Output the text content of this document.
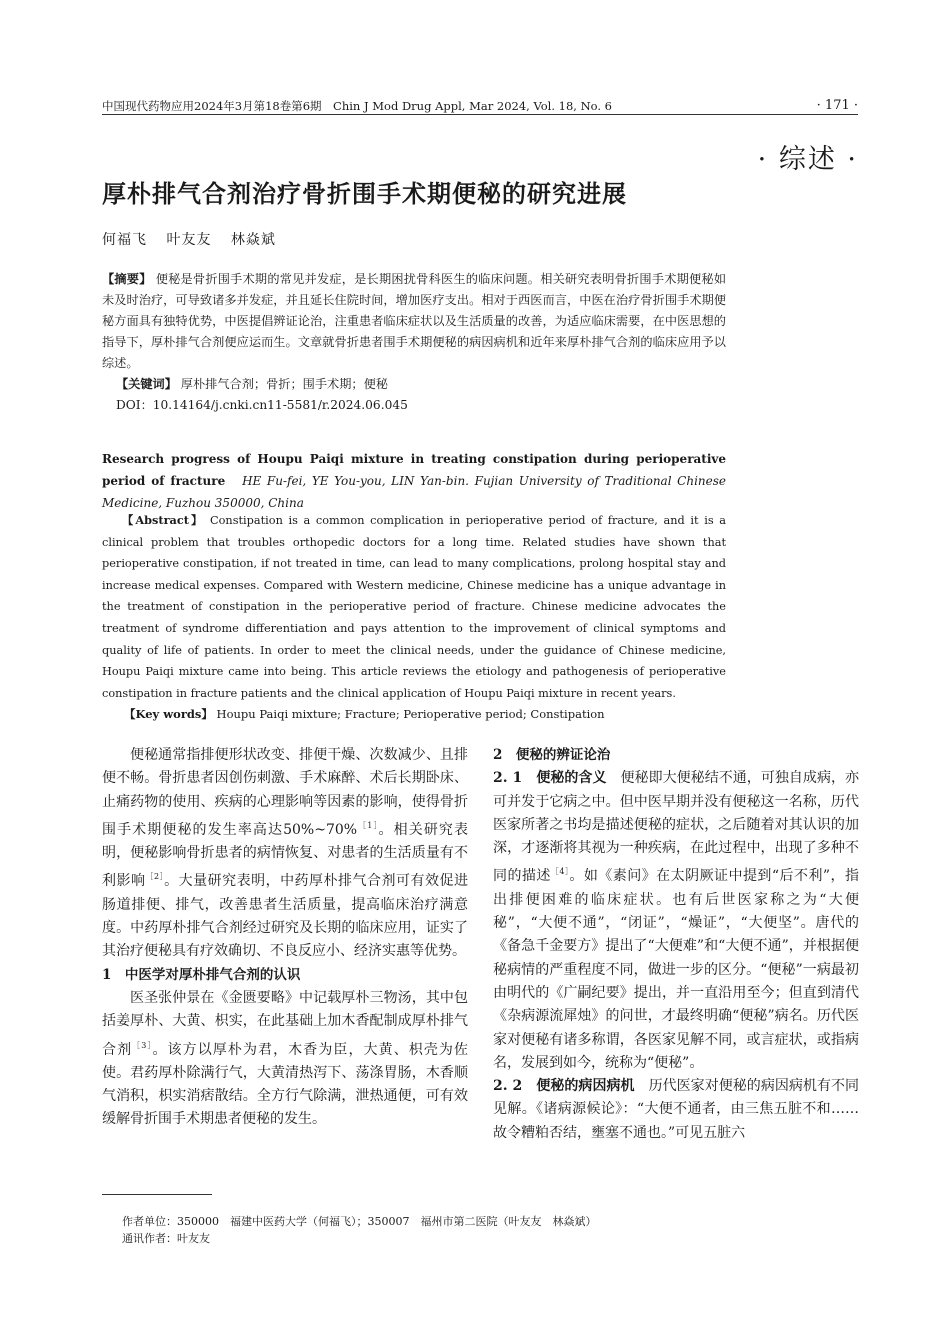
中国现代药物应用2024年3月第18卷第6期　Chin J Mod Drug Appl, Mar 2024, Vol. 18, No. 6	· 171 ·
· 综述 ·
厚朴排气合剂治疗骨折围手术期便秘的研究进展
何福飞 叶友友 林焱斌
【摘要】 便秘是骨折围手术期的常见并发症，是长期困扰骨科医生的临床问题。相关研究表明骨折围手术期便秘如未及时治疗，可导致诸多并发症，并且延长住院时间，增加医疗支出。相对于西医而言，中医在治疗骨折围手术期便秘方面具有独特优势，中医提倡辨证论治，注重患者临床症状以及生活质量的改善，为适应临床需要，在中医思想的指导下，厚朴排气合剂便应运而生。文章就骨折患者围手术期便秘的病因病机和近年来厚朴排气合剂的临床应用予以综述。
【关键词】 厚朴排气合剂；骨折；围手术期；便秘
DOI：10.14164/j.cnki.cn11-5581/r.2024.06.045
Research progress of Houpu Paiqi mixture in treating constipation during perioperative period of fracture HE Fu-fei, YE You-you, LIN Yan-bin. Fujian University of Traditional Chinese Medicine, Fuzhou 350000, China
【Abstract】 Constipation is a common complication in perioperative period of fracture, and it is a clinical problem that troubles orthopedic doctors for a long time. Related studies have shown that perioperative constipation, if not treated in time, can lead to many complications, prolong hospital stay and increase medical expenses. Compared with Western medicine, Chinese medicine has a unique advantage in the treatment of constipation in the perioperative period of fracture. Chinese medicine advocates the treatment of syndrome differentiation and pays attention to the improvement of clinical symptoms and quality of life of patients. In order to meet the clinical needs, under the guidance of Chinese medicine, Houpu Paiqi mixture came into being. This article reviews the etiology and pathogenesis of perioperative constipation in fracture patients and the clinical application of Houpu Paiqi mixture in recent years.
【Key words】 Houpu Paiqi mixture; Fracture; Perioperative period; Constipation

便秘通常指排便形状改变、排便干燥、次数减少、且排便不畅。骨折患者因创伤刺激、手术麻醉、术后长期卧床、止痛药物的使用、疾病的心理影响等因素的影响，使得骨折围手术期便秘的发生率高达50%~70%$^{[1]}$。相关研究表明，便秘影响骨折患者的病情恢复、对患者的生活质量有不利影响$^{[2]}$。大量研究表明，中药厚朴排气合剂可有效促进肠道排便、排气，改善患者生活质量，提高临床治疗满意度。中药厚朴排气合剂经过研究及长期的临床应用，证实了其治疗便秘具有疗效确切、不良反应小、经济实惠等优势。

1　中医学对厚朴排气合剂的认识

医圣张仲景在《金匮要略》中记载厚朴三物汤，其中包括姜厚朴、大黄、枳实，在此基础上加木香配制成厚朴排气合剂$^{[3]}$。该方以厚朴为君，木香为臣，大黄、枳壳为佐使。君药厚朴除满行气，大黄清热泻下、荡涤胃肠，木香顺气消积，枳实消痞散结。全方行气除满，泄热通便，可有效缓解骨折围手术期患者便秘的发生。

2　便秘的辨证论治

2. 1　便秘的含义　便秘即大便秘结不通，可独自成病，亦可并发于它病之中。但中医早期并没有便秘这一名称，历代医家所著之书均是描述便秘的症状，之后随着对其认识的加深，才逐渐将其视为一种疾病，在此过程中，出现了多种不同的描述$^{[4]}$。如《素问》在太阴厥证中提到“后不利”，指出排便困难的临床症状。也有后世医家称之为“大便秘”，“大便不通”，“闭证”，“燥证”，“大便坚”。唐代的《备急千金要方》提出了“大便难”和“大便不通”，并根据便秘病情的严重程度不同，做进一步的区分。“便秘”一病最初由明代的《广嗣纪要》提出，并一直沿用至今；但直到清代《杂病源流犀烛》的问世，才最终明确“便秘”病名。历代医家对便秘有诸多称谓，各医家见解不同，或言症状，或指病名，发展到如今，统称为“便秘”。

2. 2　便秘的病因病机　历代医家对便秘的病因病机有不同见解。《诸病源候论》：“大便不通者，由三焦五脏不和……故令糟粕否结，壅塞不通也。”可见五脏六

作者单位：350000　福建中医药大学（何福飞）；350007　福州市第二医院（叶友友　林焱斌）
通讯作者：叶友友
